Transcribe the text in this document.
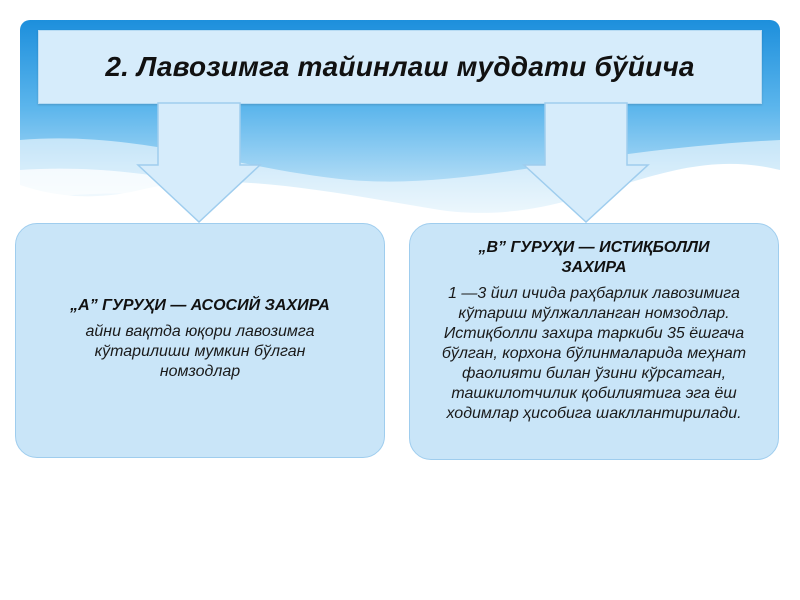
2. Лавозимга тайинлаш муддати бўйича
„А” ГУРУҲИ — АСОСИЙ ЗАХИРА
айни вақтда юқори лавозимга кўтарилиши мумкин бўлган номзодлар
„В” ГУРУҲИ — ИСТИҚБОЛЛИ ЗАХИРА
1 —3 йил ичида раҳбарлик лавозимига кўтариш мўлжалланган номзодлар. Истиқболли захира таркиби 35 ёшгача бўлган, корхона бўлинмаларида меҳнат фаолияти билан ўзини кўрсатган, ташкилотчилик қобилиятига эга ёш ходимлар ҳисобига шакллантирилади.
